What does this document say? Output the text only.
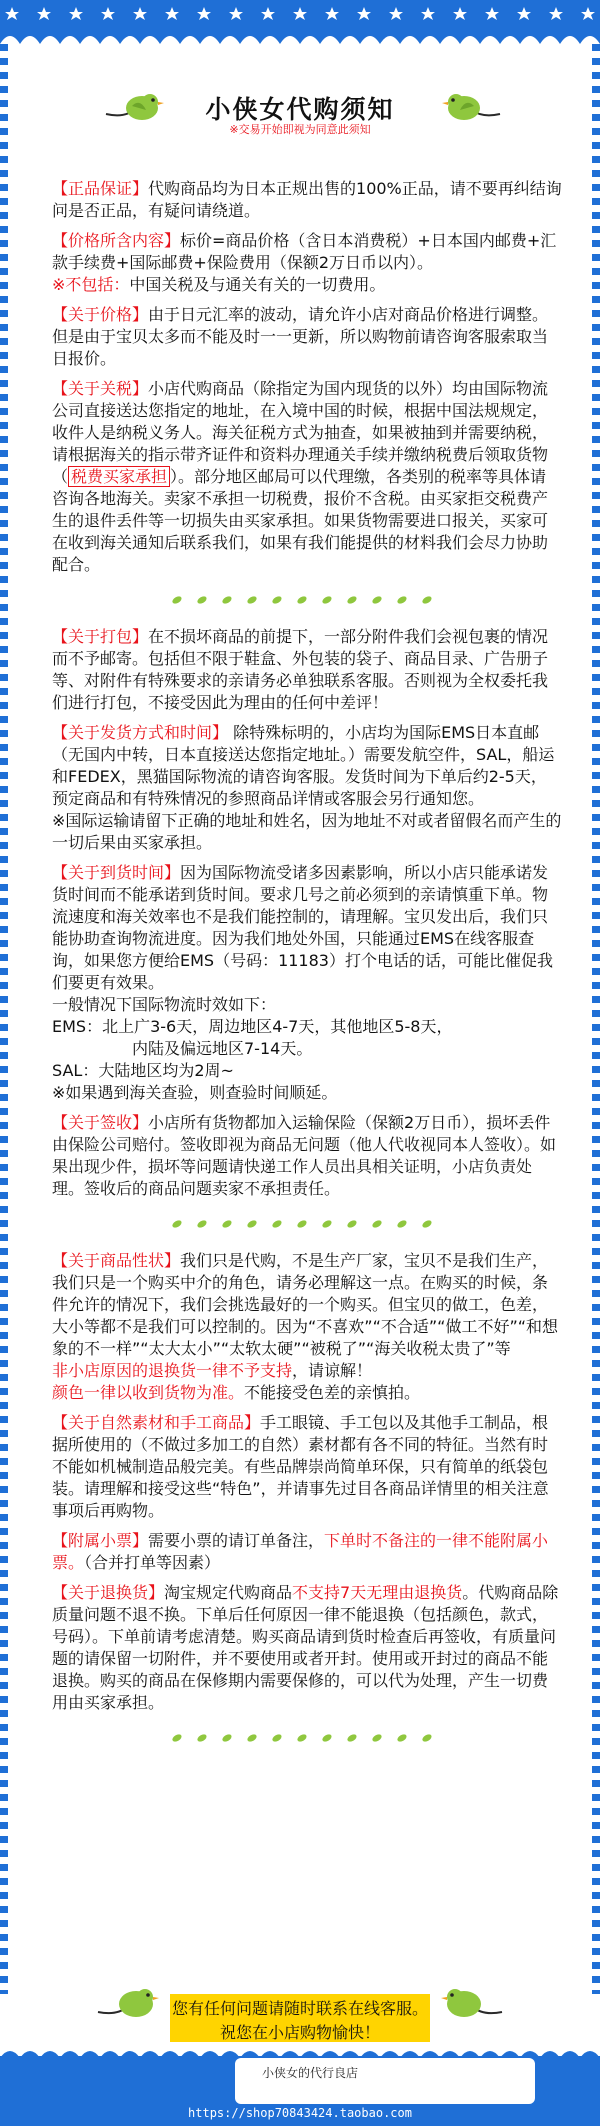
小侠女代购须知
※交易开始即视为同意此须知

【正品保证】代购商品均为日本正规出售的100%正品，请不要再纠结询问是否正品，有疑问请绕道。

【价格所含内容】标价=商品价格（含日本消费税）+日本国内邮费+汇款手续费+国际邮费+保险费用（保额2万日币以内）。
※不包括：中国关税及与通关有关的一切费用。

【关于价格】由于日元汇率的波动，请允许小店对商品价格进行调整。但是由于宝贝太多而不能及时一一更新，所以购物前请咨询客服索取当日报价。

【关于关税】小店代购商品（除指定为国内现货的以外）均由国际物流公司直接送达您指定的地址，在入境中国的时候，根据中国法规规定，收件人是纳税义务人。海关征税方式为抽查，如果被抽到并需要纳税，请根据海关的指示带齐证件和资料办理通关手续并缴纳税费后领取货物（ 税费买家承担 ）。部分地区邮局可以代理缴，各类别的税率等具体请咨询各地海关。卖家不承担一切税费，报价不含税。由买家拒交税费产生的退件丢件等一切损失由买家承担。如果货物需要进口报关，买家可在收到海关通知后联系我们，如果有我们能提供的材料我们会尽力协助配合。

【关于打包】在不损坏商品的前提下，一部分附件我们会视包裹的情况而不予邮寄。包括但不限于鞋盒、外包装的袋子、商品目录、广告册子等、对附件有特殊要求的亲请务必单独联系客服。否则视为全权委托我们进行打包，不接受因此为理由的任何中差评！

【关于发货方式和时间】 除特殊标明的，小店均为国际EMS日本直邮（无国内中转，日本直接送达您指定地址。）需要发航空件，SAL，船运和FEDEX，黑猫国际物流的请咨询客服。发货时间为下单后约2-5天，预定商品和有特殊情况的参照商品详情或客服会另行通知您。
※国际运输请留下正确的地址和姓名，因为地址不对或者留假名而产生的一切后果由买家承担。

【关于到货时间】因为国际物流受诸多因素影响，所以小店只能承诺发货时间而不能承诺到货时间。要求几号之前必须到的亲请慎重下单。物流速度和海关效率也不是我们能控制的，请理解。宝贝发出后，我们只能协助查询物流进度。因为我们地处外国，只能通过EMS在线客服查询，如果您方便给EMS（号码：11183）打个电话的话，可能比催促我们要更有效果。
一般情况下国际物流时效如下：
EMS：北上广3-6天，周边地区4-7天，其他地区5-8天，
内陆及偏远地区7-14天。
SAL：大陆地区均为2周~
※如果遇到海关查验，则查验时间顺延。

【关于签收】小店所有货物都加入运输保险（保额2万日币），损坏丢件由保险公司赔付。签收即视为商品无问题（他人代收视同本人签收）。如果出现少件，损坏等问题请快递工作人员出具相关证明，小店负责处理。签收后的商品问题卖家不承担责任。

【关于商品性状】我们只是代购，不是生产厂家，宝贝不是我们生产，我们只是一个购买中介的角色，请务必理解这一点。在购买的时候，条件允许的情况下，我们会挑选最好的一个购买。但宝贝的做工，色差，大小等都不是我们可以控制的。因为“不喜欢”“不合适”“做工不好”“和想象的不一样”“太大太小”“太软太硬”“被税了”“海关收税太贵了”等
非小店原因的退换货一律不予支持，请谅解！
颜色一律以收到货物为准。不能接受色差的亲慎拍。

【关于自然素材和手工商品】手工眼镜、手工包以及其他手工制品，根据所使用的（不做过多加工的自然）素材都有各不同的特征。当然有时不能如机械制造品般完美。有些品牌崇尚简单环保，只有简单的纸袋包装。请理解和接受这些“特色”，并请事先过目各商品详情里的相关注意事项后再购物。

【附属小票】需要小票的请订单备注，下单时不备注的一律不能附属小票。（合并打单等因素）

【关于退换货】淘宝规定代购商品不支持7天无理由退换货。代购商品除质量问题不退不换。下单后任何原因一律不能退换（包括颜色，款式，号码）。下单前请考虑清楚。购买商品请到货时检查后再签收，有质量问题的请保留一切附件，并不要使用或者开封。使用或开封过的商品不能退换。购买的商品在保修期内需要保修的，可以代为处理，产生一切费用由买家承担。

您有任何问题请随时联系在线客服。
祝您在小店购物愉快！
小侠女的代行良店
https://shop70843424.taobao.com
